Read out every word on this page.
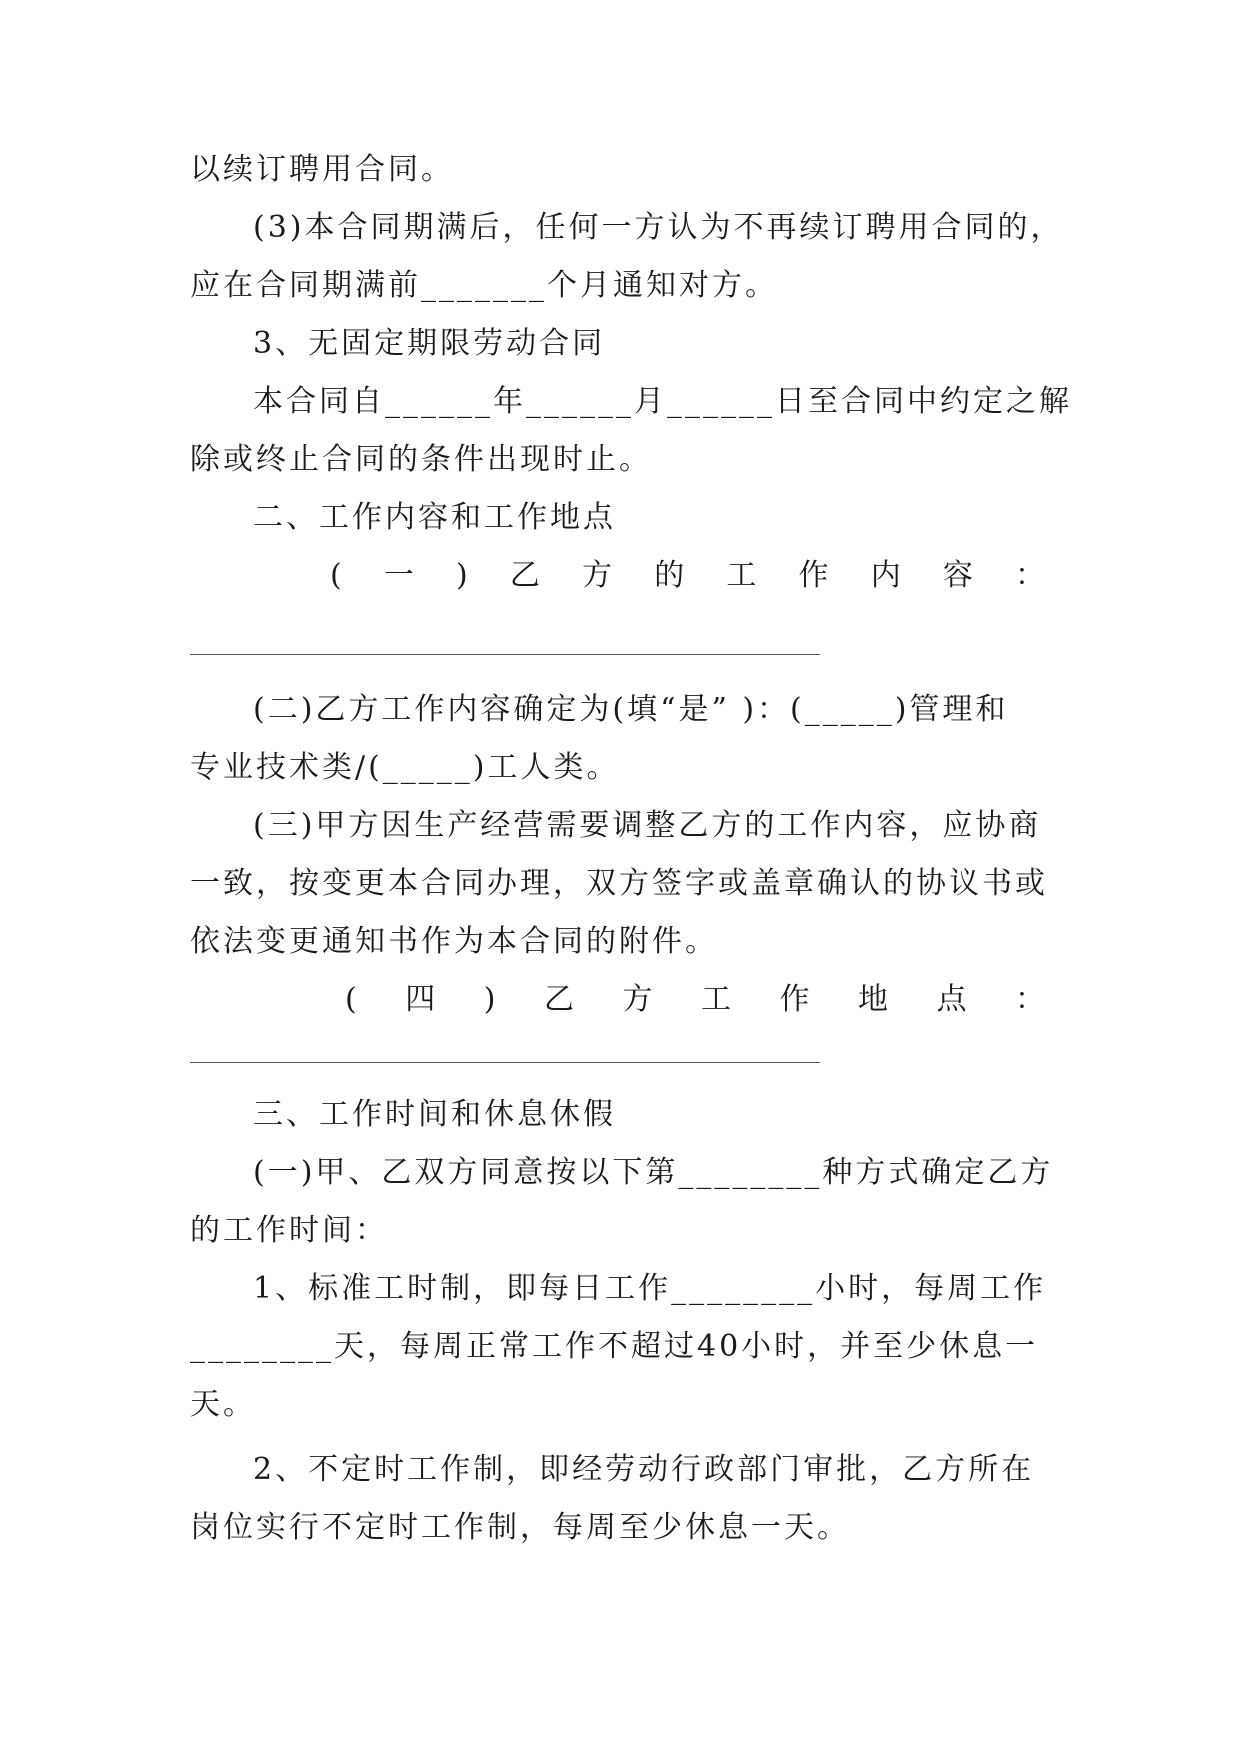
以续订聘用合同。
(3)本合同期满后，任何一方认为不再续订聘用合同的，
应在合同期满前_______个月通知对方。
3、无固定期限劳动合同
本合同自______年______月______日至合同中约定之解
除或终止合同的条件出现时止。
二、工作内容和工作地点
( 一 ) 乙 方 的 工 作 内 容 ：
(二)乙方工作内容确定为(填“是” )：(_____)管理和
专业技术类/(_____)工人类。
(三)甲方因生产经营需要调整乙方的工作内容，应协商
一致，按变更本合同办理，双方签字或盖章确认的协议书或
依法变更通知书作为本合同的附件。
( 四 ) 乙 方 工 作 地 点 ：
三、工作时间和休息休假
(一)甲、乙双方同意按以下第________种方式确定乙方
的工作时间：
1、标准工时制，即每日工作________小时，每周工作
________天，每周正常工作不超过40小时，并至少休息一
天。
2、不定时工作制，即经劳动行政部门审批，乙方所在
岗位实行不定时工作制，每周至少休息一天。
